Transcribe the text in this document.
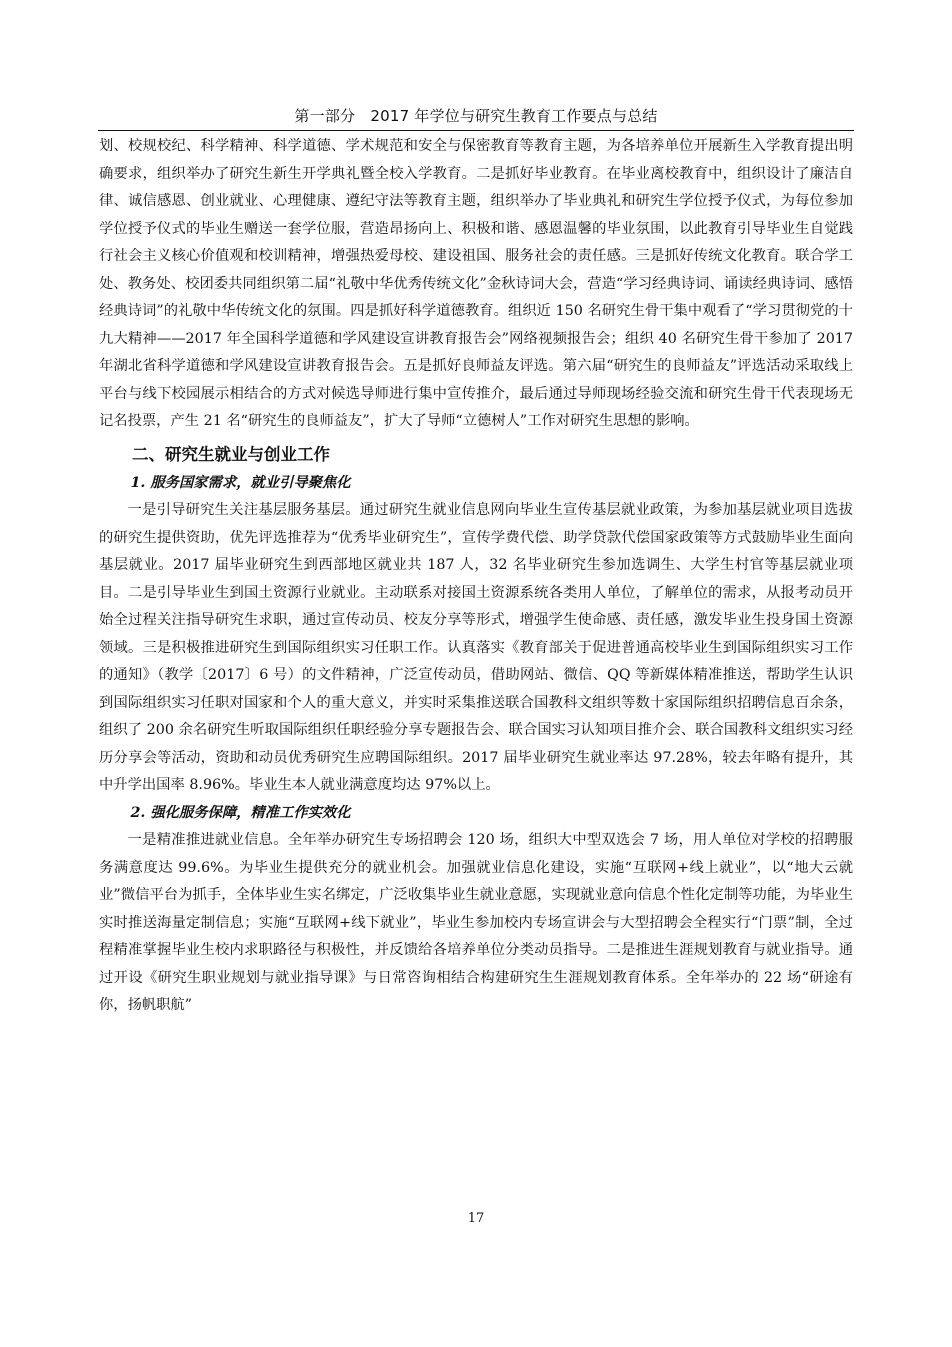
第一部分　2017 年学位与研究生教育工作要点与总结

划、校规校纪、科学精神、科学道德、学术规范和安全与保密教育等教育主题，为各培养单位开展新生入学教育提出明确要求，组织举办了研究生新生开学典礼暨全校入学教育。二是抓好毕业教育。在毕业离校教育中，组织设计了廉洁自律、诚信感恩、创业就业、心理健康、遵纪守法等教育主题，组织举办了毕业典礼和研究生学位授予仪式，为每位参加学位授予仪式的毕业生赠送一套学位服，营造昂扬向上、积极和谐、感恩温馨的毕业氛围，以此教育引导毕业生自觉践行社会主义核心价值观和校训精神，增强热爱母校、建设祖国、服务社会的责任感。三是抓好传统文化教育。联合学工处、教务处、校团委共同组织第二届“礼敬中华优秀传统文化”金秋诗词大会，营造“学习经典诗词、诵读经典诗词、感悟经典诗词”的礼敬中华传统文化的氛围。四是抓好科学道德教育。组织近 150 名研究生骨干集中观看了“学习贯彻党的十九大精神——2017 年全国科学道德和学风建设宣讲教育报告会”网络视频报告会；组织 40 名研究生骨干参加了 2017 年湖北省科学道德和学风建设宣讲教育报告会。五是抓好良师益友评选。第六届“研究生的良师益友”评选活动采取线上平台与线下校园展示相结合的方式对候选导师进行集中宣传推介，最后通过导师现场经验交流和研究生骨干代表现场无记名投票，产生 21 名“研究生的良师益友”，扩大了导师“立德树人”工作对研究生思想的影响。

二、研究生就业与创业工作
1. 服务国家需求，就业引导聚焦化

一是引导研究生关注基层服务基层。通过研究生就业信息网向毕业生宣传基层就业政策，为参加基层就业项目选拔的研究生提供资助，优先评选推荐为“优秀毕业研究生”，宣传学费代偿、助学贷款代偿国家政策等方式鼓励毕业生面向基层就业。2017 届毕业研究生到西部地区就业共 187 人，32 名毕业研究生参加选调生、大学生村官等基层就业项目。二是引导毕业生到国土资源行业就业。主动联系对接国土资源系统各类用人单位，了解单位的需求，从报考动员开始全过程关注指导研究生求职，通过宣传动员、校友分享等形式，增强学生使命感、责任感，激发毕业生投身国土资源领域。三是积极推进研究生到国际组织实习任职工作。认真落实《教育部关于促进普通高校毕业生到国际组织实习工作的通知》（教学〔2017〕6 号）的文件精神，广泛宣传动员，借助网站、微信、QQ 等新媒体精准推送，帮助学生认识到国际组织实习任职对国家和个人的重大意义，并实时采集推送联合国教科文组织等数十家国际组织招聘信息百余条，组织了 200 余名研究生听取国际组织任职经验分享专题报告会、联合国实习认知项目推介会、联合国教科文组织实习经历分享会等活动，资助和动员优秀研究生应聘国际组织。2017 届毕业研究生就业率达 97.28%，较去年略有提升，其中升学出国率 8.96%。毕业生本人就业满意度均达 97%以上。

2. 强化服务保障，精准工作实效化

一是精准推进就业信息。全年举办研究生专场招聘会 120 场，组织大中型双选会 7 场，用人单位对学校的招聘服务满意度达 99.6%。为毕业生提供充分的就业机会。加强就业信息化建设，实施“互联网+线上就业”，以“地大云就业”微信平台为抓手，全体毕业生实名绑定，广泛收集毕业生就业意愿，实现就业意向信息个性化定制等功能，为毕业生实时推送海量定制信息；实施“互联网+线下就业”，毕业生参加校内专场宣讲会与大型招聘会全程实行“门票”制，全过程精准掌握毕业生校内求职路径与积极性，并反馈给各培养单位分类动员指导。二是推进生涯规划教育与就业指导。通过开设《研究生职业规划与就业指导课》与日常咨询相结合构建研究生生涯规划教育体系。全年举办的 22 场“研途有你，扬帆职航”

17
